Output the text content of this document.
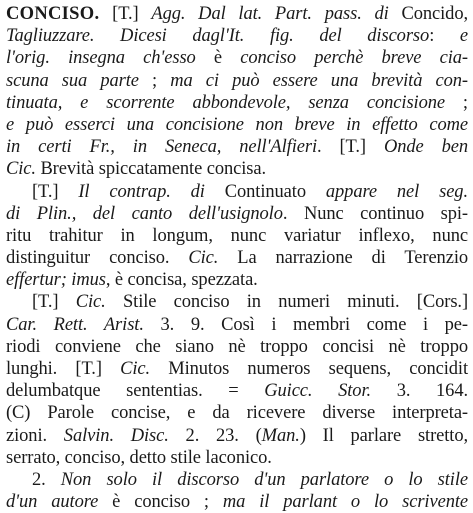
CONCISO. [T.] Agg. Dal lat. Part. pass. di Concido,
Tagliuzzare. Dicesi dagl'It. fig. del discorso: e
l'orig. insegna ch'esso è conciso perchè breve cia-
scuna sua parte ; ma ci può essere una brevità con-
tinuata, e scorrente abbondevole, senza concisione ;
e può esserci una concisione non breve in effetto come
in certi Fr., in Seneca, nell'Alfieri. [T.] Onde ben
Cic. Brevità spiccatamente concisa.
[T.] Il contrap. di Continuato appare nel seg.
di Plin., del canto dell'usignolo. Nunc continuo spi-
ritu trahitur in longum, nunc variatur inflexo, nunc
distinguitur conciso. Cic. La narrazione di Terenzio
effertur; imus, è concisa, spezzata.
[T.] Cic. Stile conciso in numeri minuti. [Cors.]
Car. Rett. Arist. 3. 9. Così i membri come i pe-
riodi conviene che siano nè troppo concisi nè troppo
lunghi. [T.] Cic. Minutos numeros sequens, concidit
delumbatque sententias. = Guicc. Stor. 3. 164.
(C) Parole concise, e da ricevere diverse interpreta-
zioni. Salvin. Disc. 2. 23. (Man.) Il parlare stretto,
serrato, conciso, detto stile laconico.
2. Non solo il discorso d'un parlatore o lo stile
d'un autore è conciso ; ma il parlant o lo scrivente
